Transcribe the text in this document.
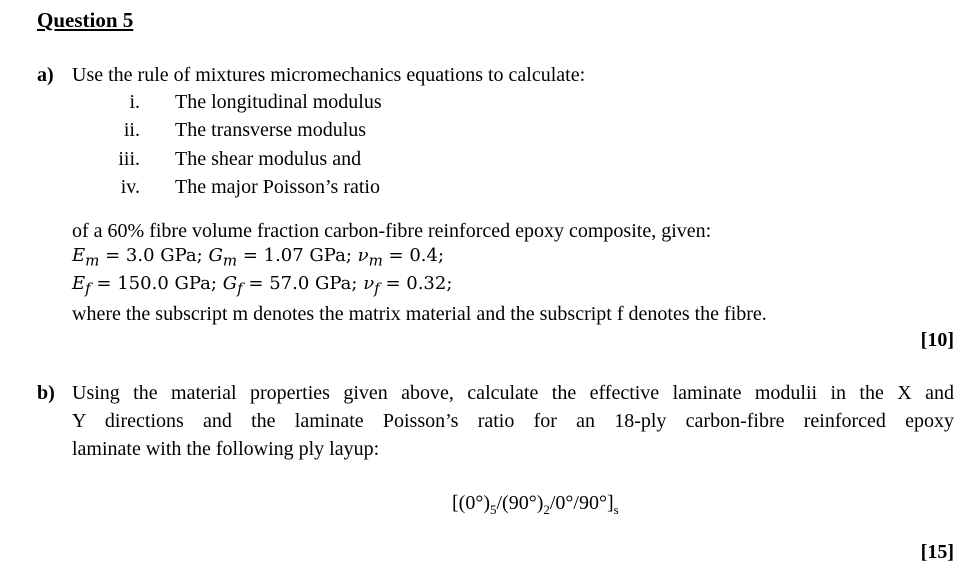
Question 5
a) Use the rule of mixtures micromechanics equations to calculate:
i. The longitudinal modulus
ii. The transverse modulus
iii. The shear modulus and
iv. The major Poisson’s ratio
of a 60% fibre volume fraction carbon-fibre reinforced epoxy composite, given:
$E_m = 3.0$ GPa; $G_m = 1.07$ GPa; $\nu_m = 0.4$;
$E_f = 150.0$ GPa; $G_f = 57.0$ GPa; $\nu_f = 0.32$;
where the subscript m denotes the matrix material and the subscript f denotes the fibre.
[10]
b) Using the material properties given above, calculate the effective laminate modulii in the X and
Y directions and the laminate Poisson’s ratio for an 18-ply carbon-fibre reinforced epoxy
laminate with the following ply layup:
$[(0^\circ)_5/(90^\circ)_2/0^\circ/90^\circ]_s$
[15]
